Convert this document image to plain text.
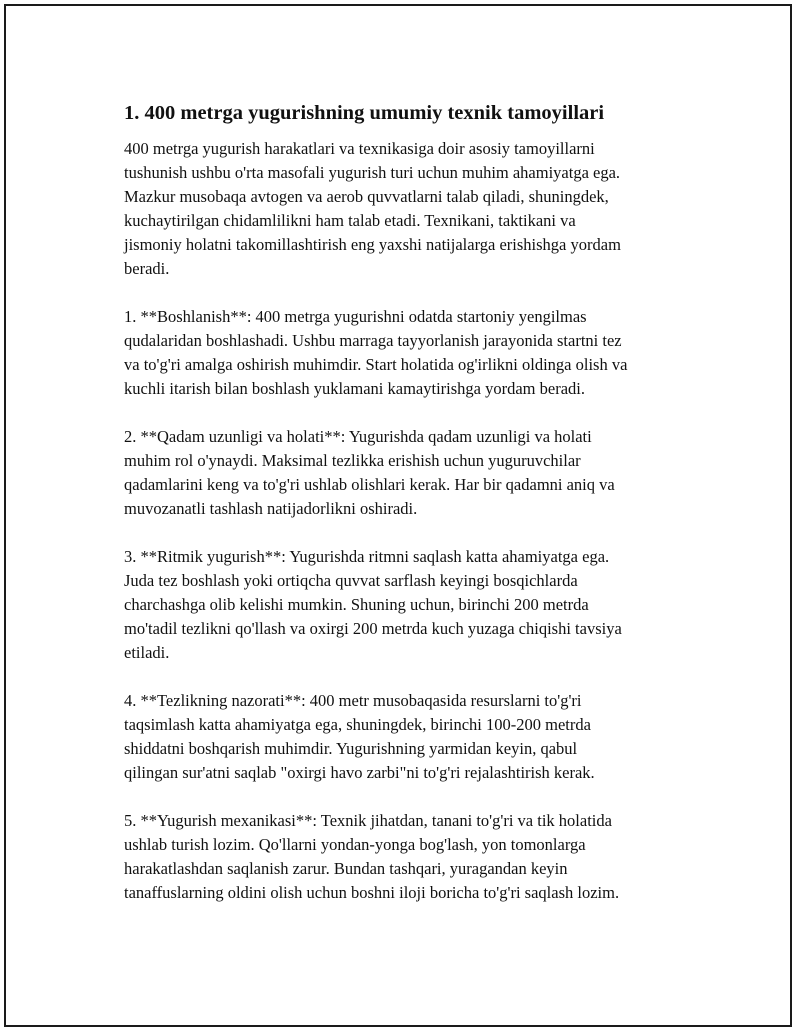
1. 400 metrga yugurishning umumiy texnik tamoyillari
400 metrga yugurish harakatlari va texnikasiga doir asosiy tamoyillarni
tushunish ushbu o'rta masofali yugurish turi uchun muhim ahamiyatga ega.
Mazkur musobaqa avtogen va aerob quvvatlarni talab qiladi, shuningdek,
kuchaytirilgan chidamlilikni ham talab etadi. Texnikani, taktikani va
jismoniy holatni takomillashtirish eng yaxshi natijalarga erishishga yordam
beradi.
1. **Boshlanish**: 400 metrga yugurishni odatda startoniy yengilmas
qudalaridan boshlashadi. Ushbu marraga tayyorlanish jarayonida startni tez
va to'g'ri amalga oshirish muhimdir. Start holatida og'irlikni oldinga olish va
kuchli itarish bilan boshlash yuklamani kamaytirishga yordam beradi.
2. **Qadam uzunligi va holati**: Yugurishda qadam uzunligi va holati
muhim rol o'ynaydi. Maksimal tezlikka erishish uchun yuguruvchilar
qadamlarini keng va to'g'ri ushlab olishlari kerak. Har bir qadamni aniq va
muvozanatli tashlash natijadorlikni oshiradi.
3. **Ritmik yugurish**: Yugurishda ritmni saqlash katta ahamiyatga ega.
Juda tez boshlash yoki ortiqcha quvvat sarflash keyingi bosqichlarda
charchashga olib kelishi mumkin. Shuning uchun, birinchi 200 metrda
mo'tadil tezlikni qo'llash va oxirgi 200 metrda kuch yuzaga chiqishi tavsiya
etiladi.
4. **Tezlikning nazorati**: 400 metr musobaqasida resurslarni to'g'ri
taqsimlash katta ahamiyatga ega, shuningdek, birinchi 100-200 metrda
shiddatni boshqarish muhimdir. Yugurishning yarmidan keyin, qabul
qilingan sur'atni saqlab "oxirgi havo zarbi"ni to'g'ri rejalashtirish kerak.
5. **Yugurish mexanikasi**: Texnik jihatdan, tanani to'g'ri va tik holatida
ushlab turish lozim. Qo'llarni yondan-yonga bog'lash, yon tomonlarga
harakatlashdan saqlanish zarur. Bundan tashqari, yuragandan keyin
tanaffuslarning oldini olish uchun boshni iloji boricha to'g'ri saqlash lozim.
